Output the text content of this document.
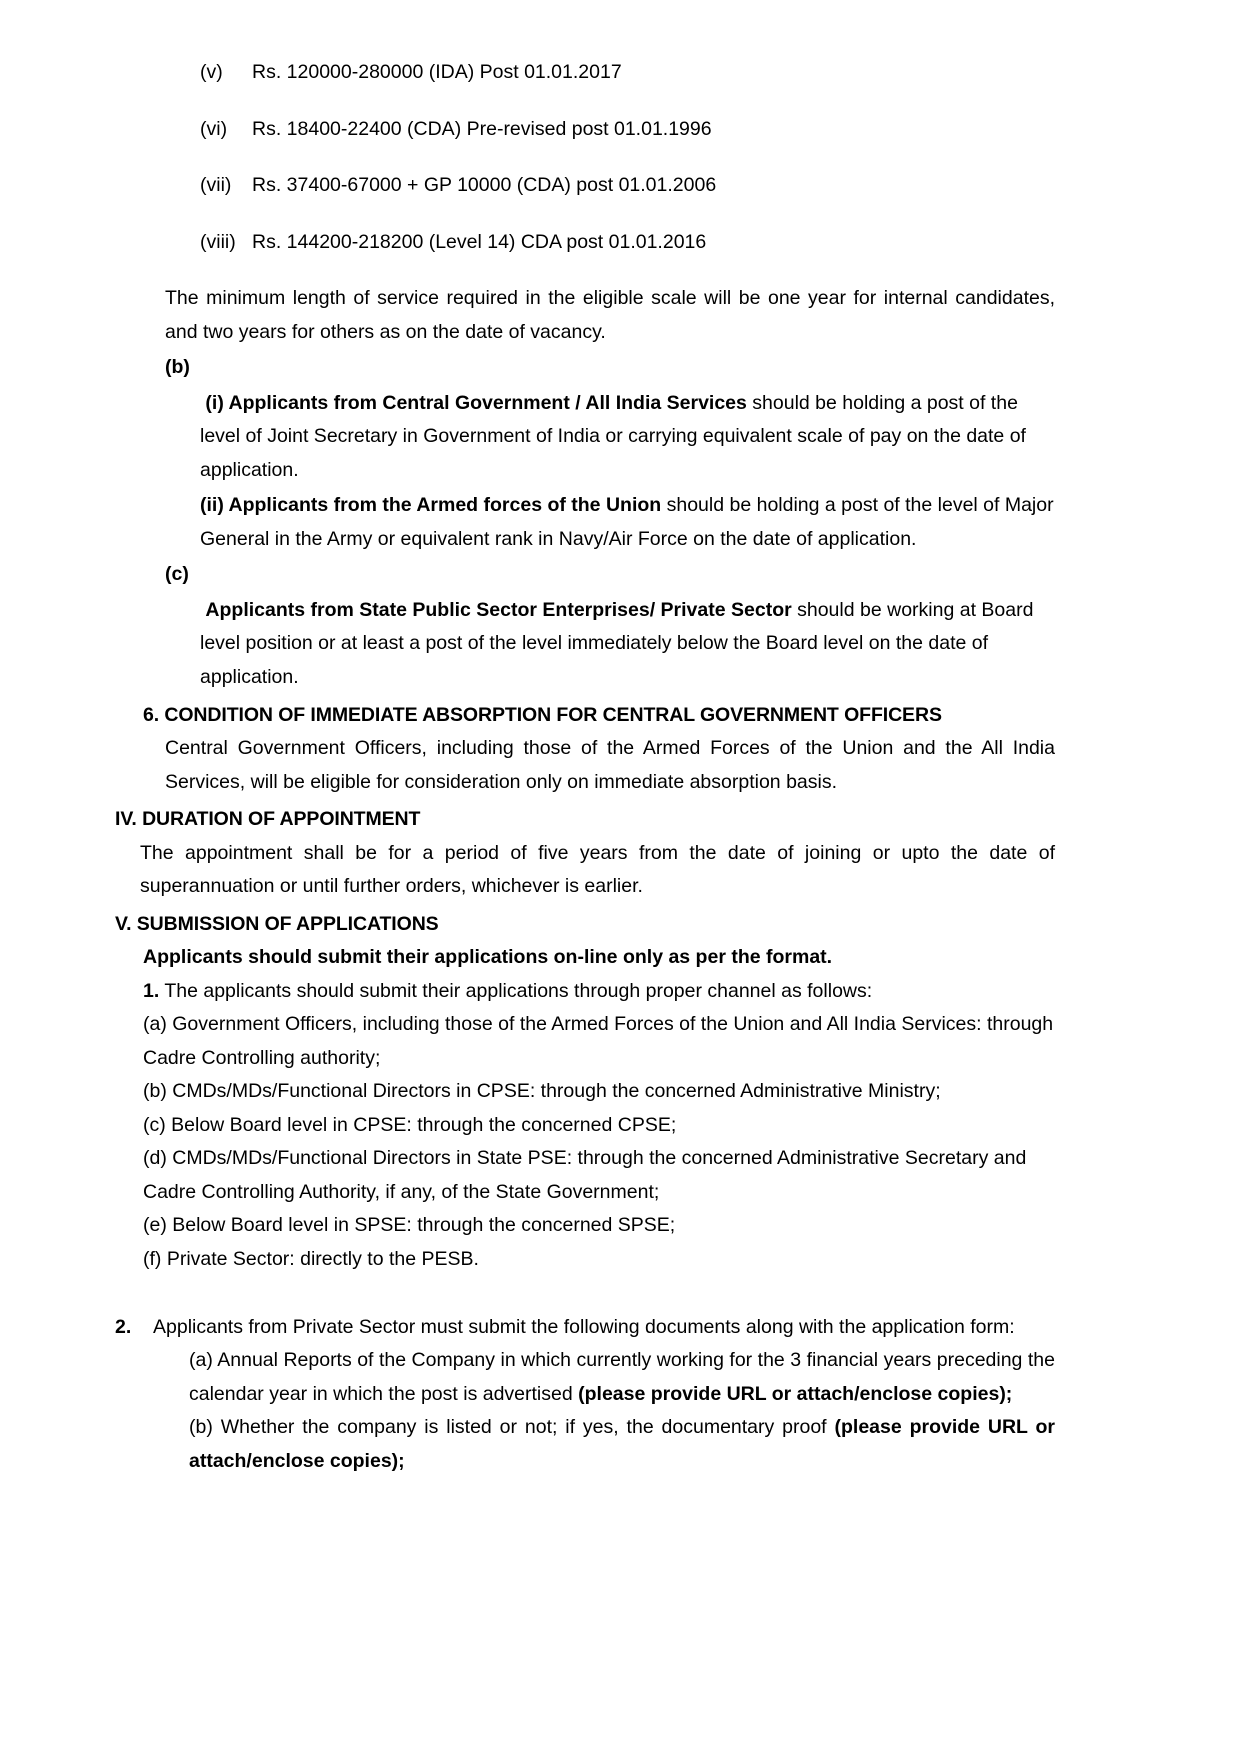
(v)	Rs. 120000-280000 (IDA) Post 01.01.2017
(vi)	Rs. 18400-22400 (CDA) Pre-revised post 01.01.1996
(vii)	Rs. 37400-67000 + GP 10000 (CDA) post 01.01.2006
(viii) Rs. 144200-218200 (Level 14) CDA post 01.01.2016

The minimum length of service required in the eligible scale will be one year for internal candidates, and two years for others as on the date of vacancy.

(b)

(i) Applicants from Central Government / All India Services should be holding a post of the level of Joint Secretary in Government of India or carrying equivalent scale of pay on the date of application.

(ii) Applicants from the Armed forces of the Union should be holding a post of the level of Major General in the Army or equivalent rank in Navy/Air Force on the date of application.

(c)

Applicants from State Public Sector Enterprises/ Private Sector should be working at Board level position or at least a post of the level immediately below the Board level on the date of application.

6. CONDITION OF IMMEDIATE ABSORPTION FOR CENTRAL GOVERNMENT OFFICERS

Central Government Officers, including those of the Armed Forces of the Union and the All India Services, will be eligible for consideration only on immediate absorption basis.

IV. DURATION OF APPOINTMENT

The appointment shall be for a period of five years from the date of joining or upto the date of superannuation or until further orders, whichever is earlier.

V. SUBMISSION OF APPLICATIONS

Applicants should submit their applications on-line only as per the format.

1. The applicants should submit their applications through proper channel as follows:

(a) Government Officers, including those of the Armed Forces of the Union and All India Services: through Cadre Controlling authority;

(b) CMDs/MDs/Functional Directors in CPSE: through the concerned Administrative Ministry;

(c) Below Board level in CPSE: through the concerned CPSE;

(d) CMDs/MDs/Functional Directors in State PSE: through the concerned Administrative Secretary and Cadre Controlling Authority, if any, of the State Government;

(e) Below Board level in SPSE: through the concerned SPSE;

(f) Private Sector: directly to the PESB.

2.	Applicants from Private Sector must submit the following documents along with the application form:

(a) Annual Reports of the Company in which currently working for the 3 financial years preceding the calendar year in which the post is advertised (please provide URL or attach/enclose copies);

(b) Whether the company is listed or not; if yes, the documentary proof (please provide URL or attach/enclose copies);
